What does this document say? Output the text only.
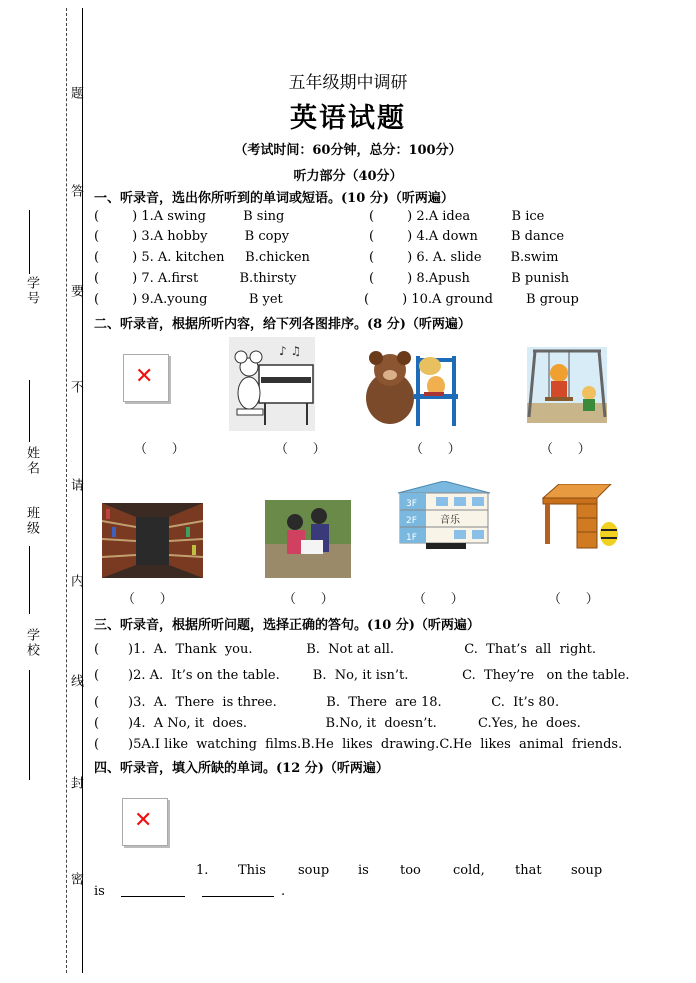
题
答
要
不
请
内
线
封
密
学号
姓名
班级
学校
五年级期中调研
英语试题
（考试时间：60分钟，总分：100分）
听力部分（40分）
一、听录音，选出你所听到的单词或短语。(10 分)（听两遍）
(        ) 1.A swing         B sing	(        ) 2.A idea          B ice
(        ) 3.A hobby         B copy	(        ) 4.A down        B dance
(        ) 5. A. kitchen     B.chicken	(        ) 6. A. slide       B.swim
(        ) 7. A.first          B.thirsty	(        ) 8.Apush          B punish
(        ) 9.A.young          B yet	(        ) 10.A ground        B group
二、听录音，根据所听内容，给下列各图排序。(8 分)（听两遍）
✕
♪ ♫
（      ）	（      ）	（      ）	（      ）
3F
2F
1F
音乐
（      ）	（      ）	（      ）	（      ）
三、听录音，根据所听问题，选择正确的答句。(10 分)（听两遍）
(       )1.  A.  Thank  you.             B.  Not at all.                 C.  That’s  all  right.
(       )2. A.  It’s on the table.        B.  No, it isn’t.             C.  They’re   on the table.
(       )3.  A.  There  is three.            B.  There  are 18.            C.  It’s 80.
(       )4.  A No, it  does.                   B.No, it  doesn’t.          C.Yes, he  does.
(       )5A.I like  watching  films.B.He  likes  drawing.C.He  likes  animal  friends.
四、听录音，填入所缺的单词。(12 分)（听两遍）
✕
1. This soup is too cold, that soup
is	.
